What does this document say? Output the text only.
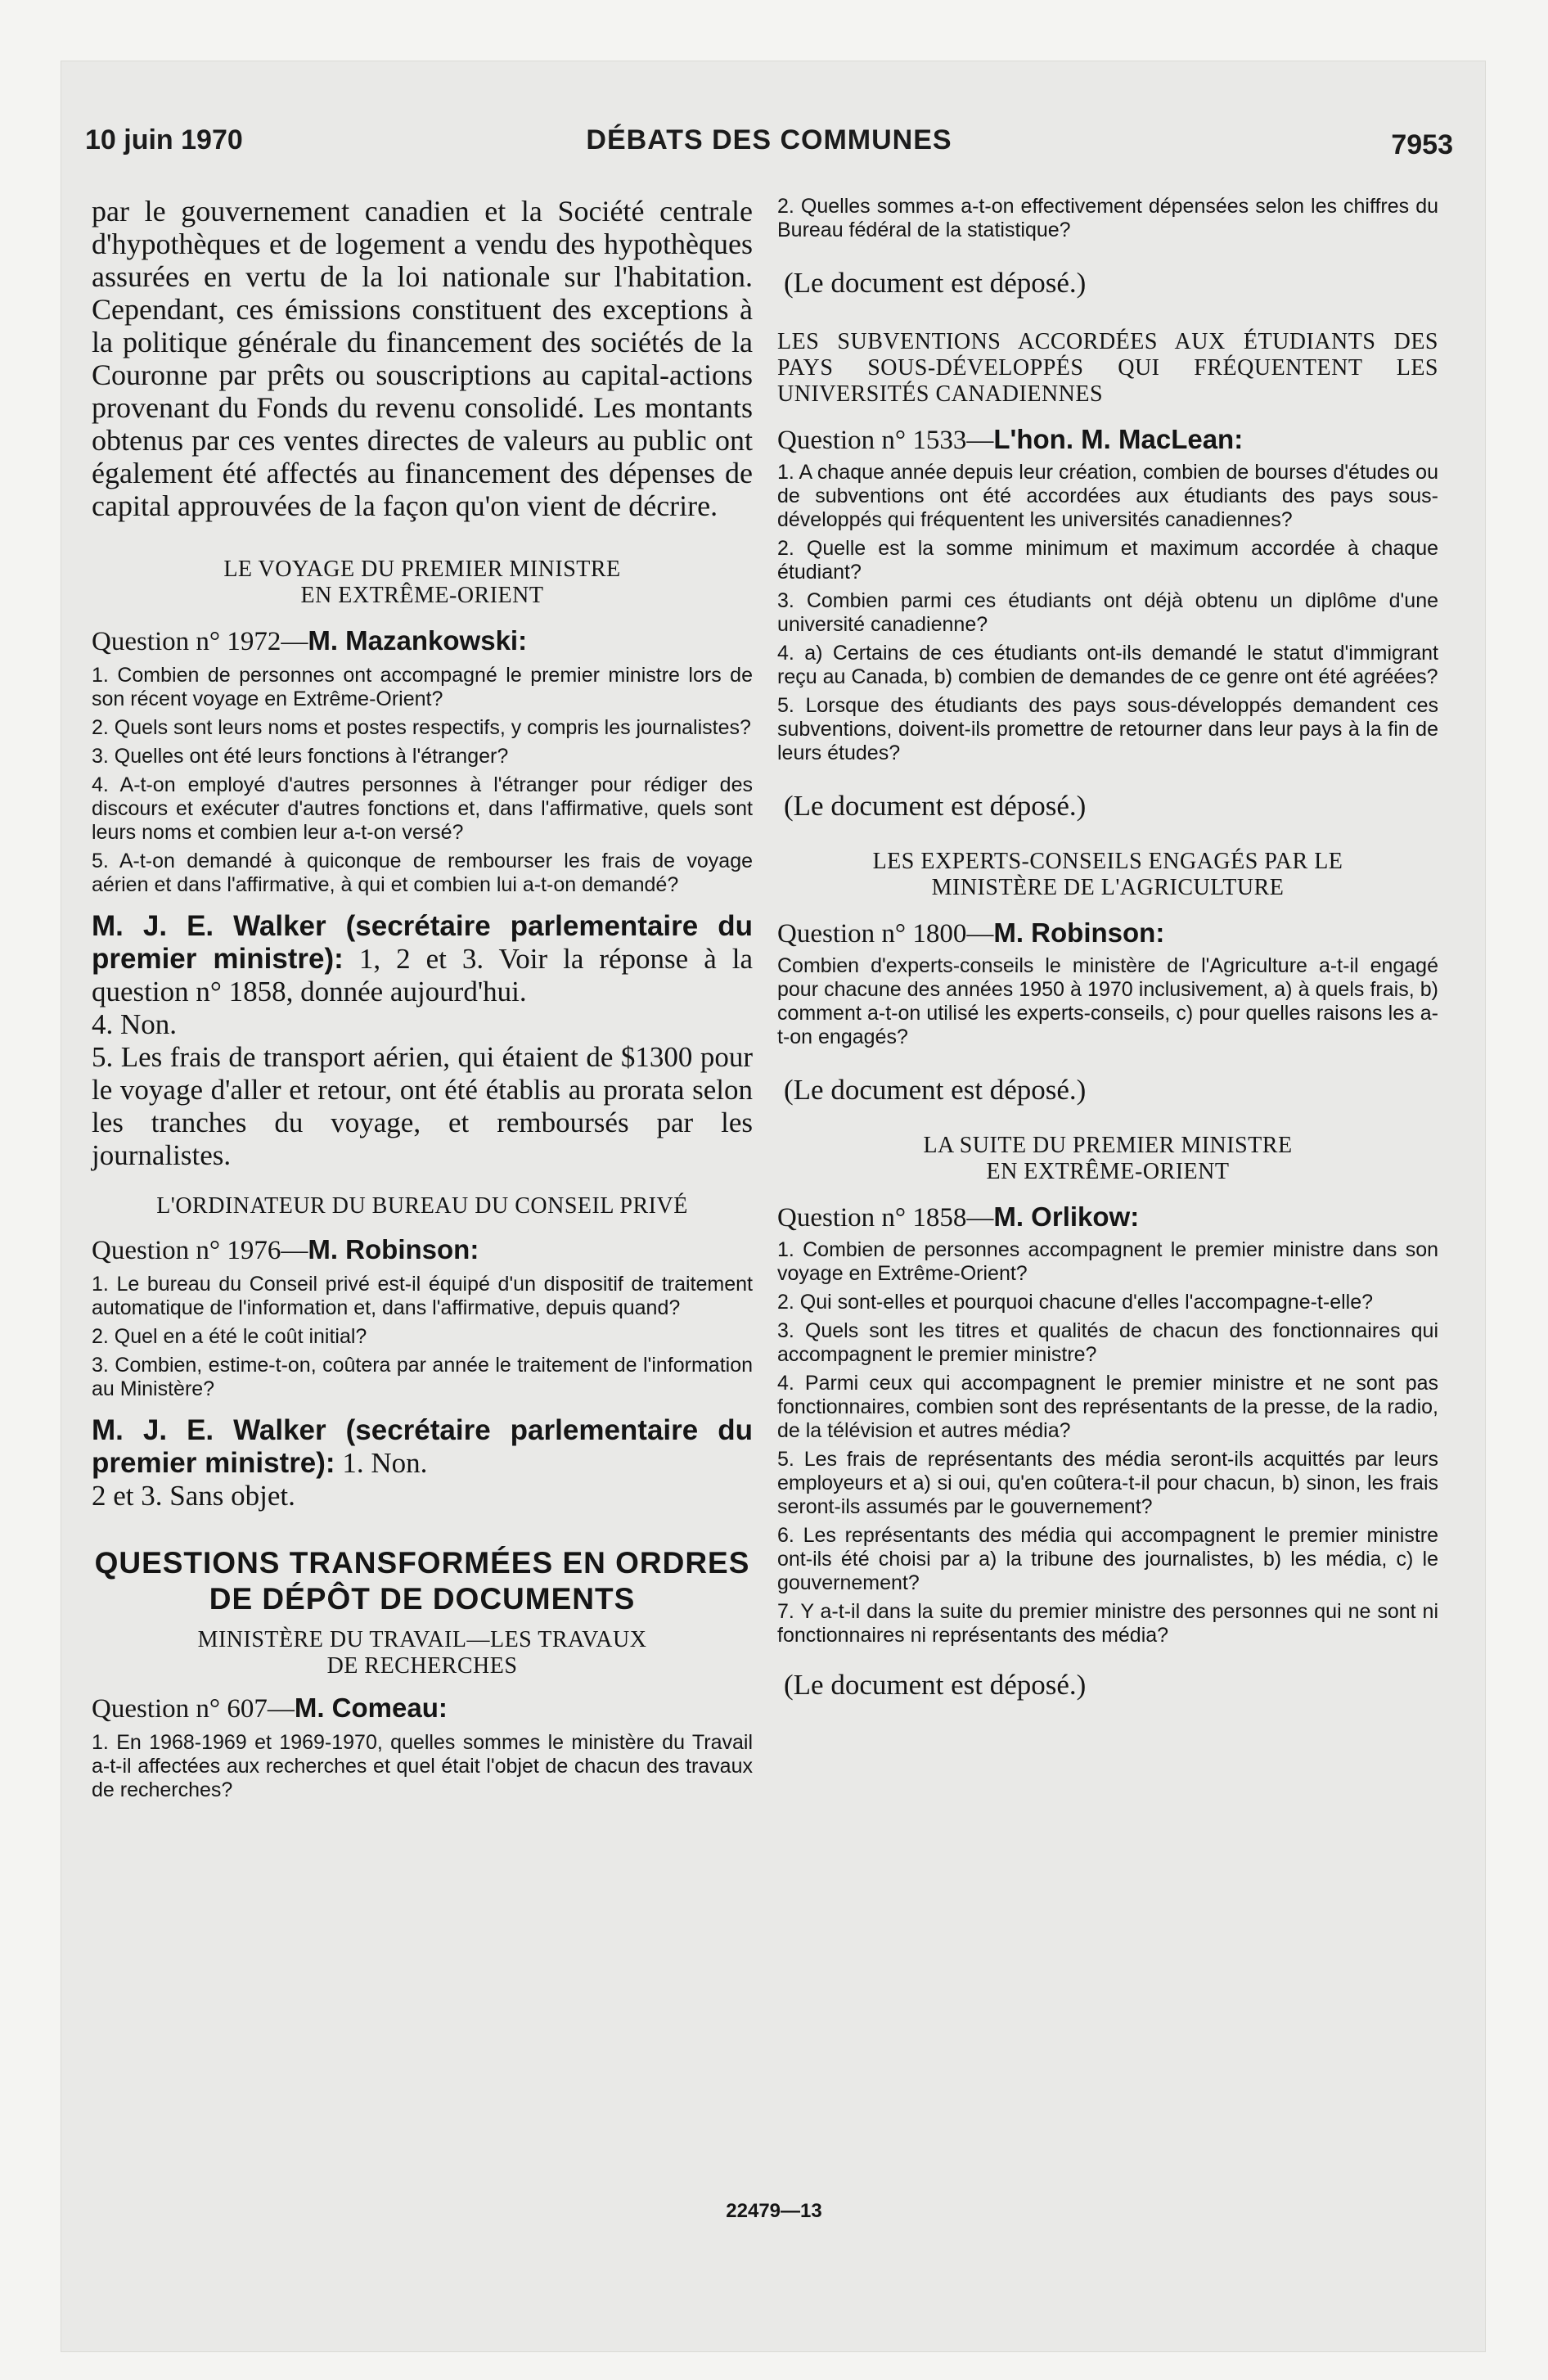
10 juin 1970	DÉBATS DES COMMUNES	7953

par le gouvernement canadien et la Société centrale d'hypothèques et de logement a vendu des hypothèques assurées en vertu de la loi nationale sur l'habitation. Cependant, ces émissions constituent des exceptions à la politique générale du financement des sociétés de la Couronne par prêts ou souscriptions au capital-actions provenant du Fonds du revenu consolidé. Les montants obtenus par ces ventes directes de valeurs au public ont également été affectés au financement des dépenses de capital approuvées de la façon qu'on vient de décrire.

LE VOYAGE DU PREMIER MINISTRE
EN EXTRÊME-ORIENT

Question n° 1972—M. Mazankowski:

1. Combien de personnes ont accompagné le premier ministre lors de son récent voyage en Extrême-Orient?

2. Quels sont leurs noms et postes respectifs, y compris les journalistes?

3. Quelles ont été leurs fonctions à l'étranger?

4. A-t-on employé d'autres personnes à l'étranger pour rédiger des discours et exécuter d'autres fonctions et, dans l'affirmative, quels sont leurs noms et combien leur a-t-on versé?

5. A-t-on demandé à quiconque de rembourser les frais de voyage aérien et dans l'affirmative, à qui et combien lui a-t-on demandé?

M. J. E. Walker (secrétaire parlementaire du premier ministre): 1, 2 et 3. Voir la réponse à la question n° 1858, donnée aujourd'hui.

4. Non.

5. Les frais de transport aérien, qui étaient de $1300 pour le voyage d'aller et retour, ont été établis au prorata selon les tranches du voyage, et remboursés par les journalistes.

L'ORDINATEUR DU BUREAU DU CONSEIL PRIVÉ

Question n° 1976—M. Robinson:

1. Le bureau du Conseil privé est-il équipé d'un dispositif de traitement automatique de l'information et, dans l'affirmative, depuis quand?

2. Quel en a été le coût initial?

3. Combien, estime-t-on, coûtera par année le traitement de l'information au Ministère?

M. J. E. Walker (secrétaire parlementaire du premier ministre): 1. Non.

2 et 3. Sans objet.

QUESTIONS TRANSFORMÉES EN ORDRES
DE DÉPÔT DE DOCUMENTS

MINISTÈRE DU TRAVAIL—LES TRAVAUX
DE RECHERCHES

Question n° 607—M. Comeau:

1. En 1968-1969 et 1969-1970, quelles sommes le ministère du Travail a-t-il affectées aux recherches et quel était l'objet de chacun des travaux de recherches?

2. Quelles sommes a-t-on effectivement dépensées selon les chiffres du Bureau fédéral de la statistique?

(Le document est déposé.)

LES SUBVENTIONS ACCORDÉES AUX ÉTUDIANTS DES PAYS SOUS-DÉVELOPPÉS QUI FRÉQUENTENT LES UNIVERSITÉS CANADIENNES

Question n° 1533—L'hon. M. MacLean:

1. A chaque année depuis leur création, combien de bourses d'études ou de subventions ont été accordées aux étudiants des pays sous-développés qui fréquentent les universités canadiennes?

2. Quelle est la somme minimum et maximum accordée à chaque étudiant?

3. Combien parmi ces étudiants ont déjà obtenu un diplôme d'une université canadienne?

4. a) Certains de ces étudiants ont-ils demandé le statut d'immigrant reçu au Canada, b) combien de demandes de ce genre ont été agréées?

5. Lorsque des étudiants des pays sous-développés demandent ces subventions, doivent-ils promettre de retourner dans leur pays à la fin de leurs études?

(Le document est déposé.)

LES EXPERTS-CONSEILS ENGAGÉS PAR LE
MINISTÈRE DE L'AGRICULTURE

Question n° 1800—M. Robinson:

Combien d'experts-conseils le ministère de l'Agriculture a-t-il engagé pour chacune des années 1950 à 1970 inclusivement, a) à quels frais, b) comment a-t-on utilisé les experts-conseils, c) pour quelles raisons les a-t-on engagés?

(Le document est déposé.)

LA SUITE DU PREMIER MINISTRE
EN EXTRÊME-ORIENT

Question n° 1858—M. Orlikow:

1. Combien de personnes accompagnent le premier ministre dans son voyage en Extrême-Orient?

2. Qui sont-elles et pourquoi chacune d'elles l'accompagne-t-elle?

3. Quels sont les titres et qualités de chacun des fonctionnaires qui accompagnent le premier ministre?

4. Parmi ceux qui accompagnent le premier ministre et ne sont pas fonctionnaires, combien sont des représentants de la presse, de la radio, de la télévision et autres média?

5. Les frais de représentants des média seront-ils acquittés par leurs employeurs et a) si oui, qu'en coûtera-t-il pour chacun, b) sinon, les frais seront-ils assumés par le gouvernement?

6. Les représentants des média qui accompagnent le premier ministre ont-ils été choisi par a) la tribune des journalistes, b) les média, c) le gouvernement?

7. Y a-t-il dans la suite du premier ministre des personnes qui ne sont ni fonctionnaires ni représentants des média?

(Le document est déposé.)

22479—13
